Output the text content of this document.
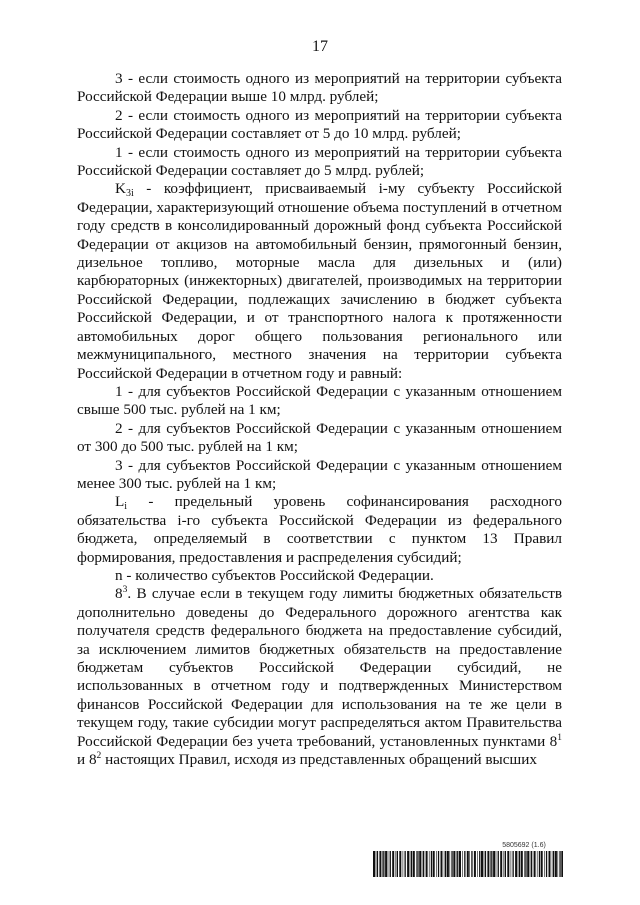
17

3 - если стоимость одного из мероприятий на территории субъекта Российской Федерации выше 10 млрд. рублей;

2 - если стоимость одного из мероприятий на территории субъекта Российской Федерации составляет от 5 до 10 млрд. рублей;

1 - если стоимость одного из мероприятий на территории субъекта Российской Федерации составляет до 5 млрд. рублей;

$K_{3i}$ - коэффициент, присваиваемый i-му субъекту Российской Федерации, характеризующий отношение объема поступлений в отчетном году средств в консолидированный дорожный фонд субъекта Российской Федерации от акцизов на автомобильный бензин, прямогонный бензин, дизельное топливо, моторные масла для дизельных и (или) карбюраторных (инжекторных) двигателей, производимых на территории Российской Федерации, подлежащих зачислению в бюджет субъекта Российской Федерации, и от транспортного налога к протяженности автомобильных дорог общего пользования регионального или межмуниципального, местного значения на территории субъекта Российской Федерации в отчетном году и равный:

1 - для субъектов Российской Федерации с указанным отношением свыше 500 тыс. рублей на 1 км;

2 - для субъектов Российской Федерации с указанным отношением от 300 до 500 тыс. рублей на 1 км;

3 - для субъектов Российской Федерации с указанным отношением менее 300 тыс. рублей на 1 км;

$L_i$ - предельный уровень софинансирования расходного обязательства i-го субъекта Российской Федерации из федерального бюджета, определяемый в соответствии с пунктом 13 Правил формирования, предоставления и распределения субсидий;

n - количество субъектов Российской Федерации.

$8^3$. В случае если в текущем году лимиты бюджетных обязательств дополнительно доведены до Федерального дорожного агентства как получателя средств федерального бюджета на предоставление субсидий, за исключением лимитов бюджетных обязательств на предоставление бюджетам субъектов Российской Федерации субсидий, не использованных в отчетном году и подтвержденных Министерством финансов Российской Федерации для использования на те же цели в текущем году, такие субсидии могут распределяться актом Правительства Российской Федерации без учета требований, установленных пунктами $8^1$ и $8^2$ настоящих Правил, исходя из представленных обращений высших

5805692 (1.6)
